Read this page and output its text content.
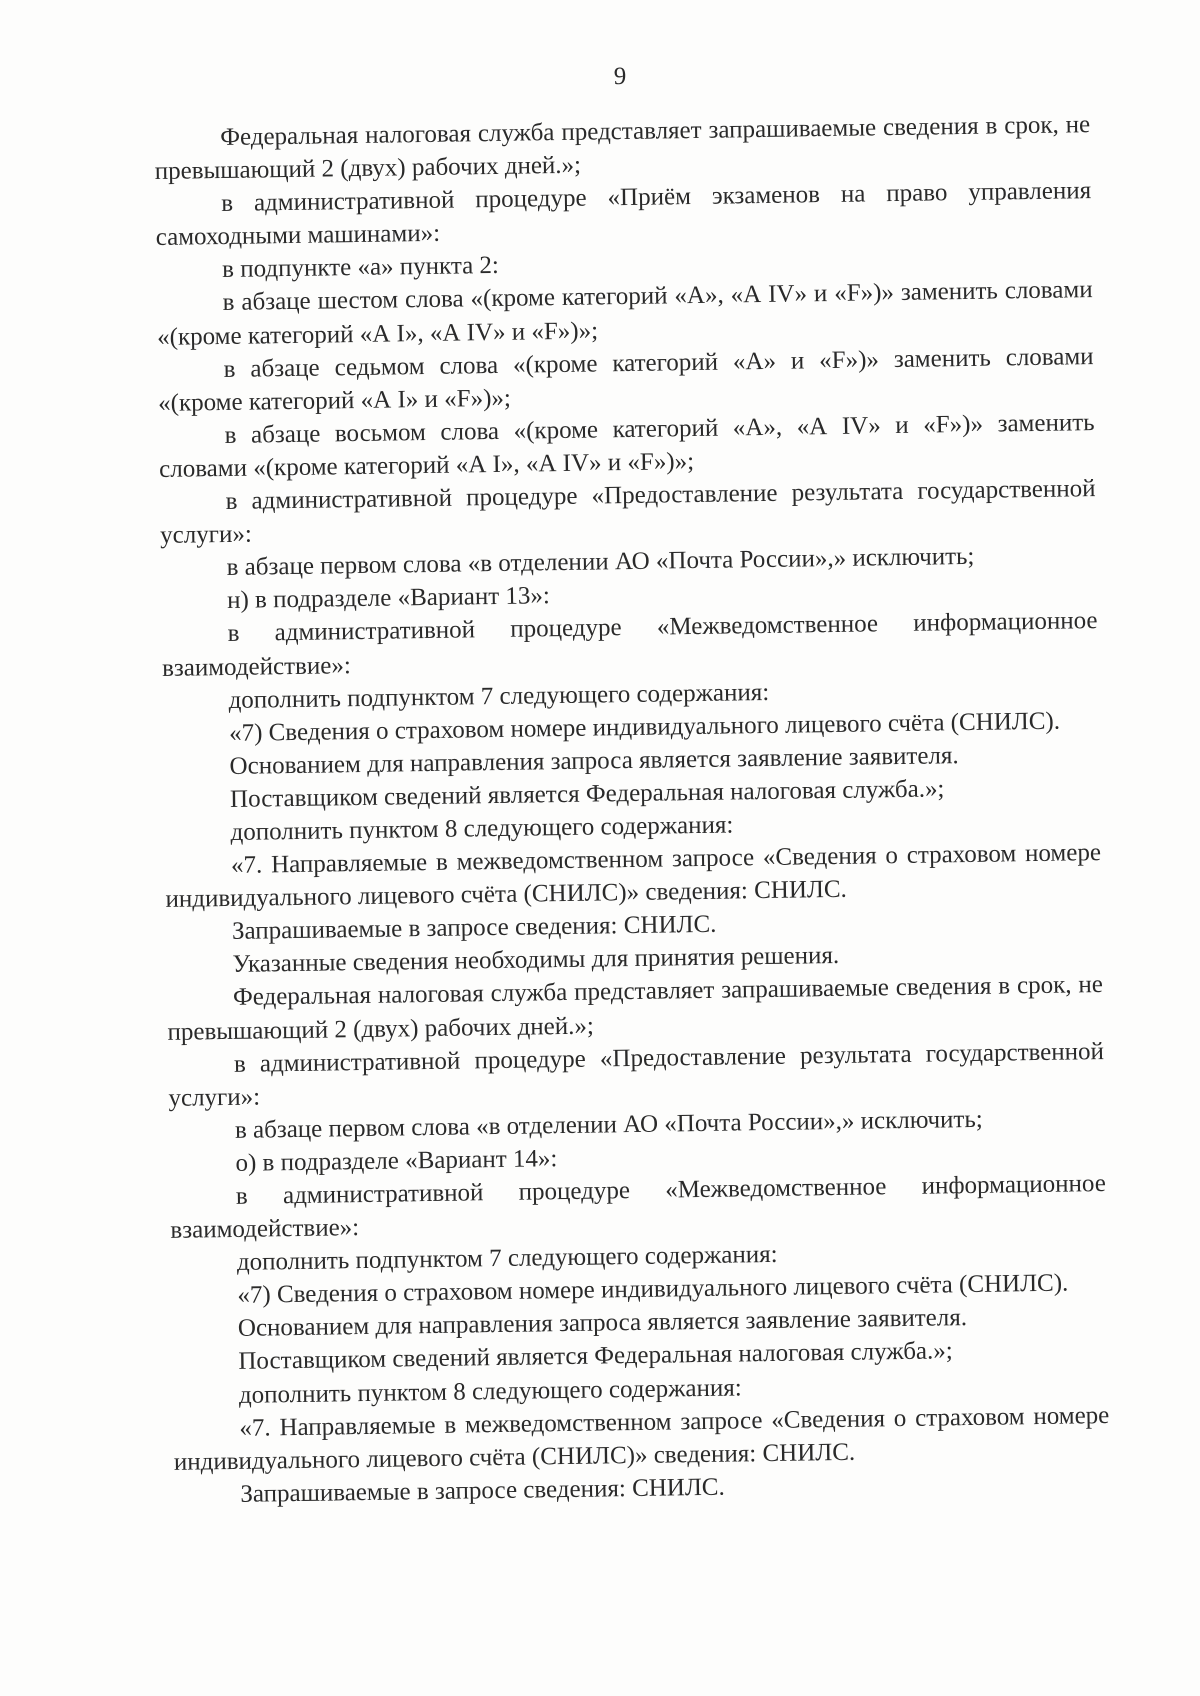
9

Федеральная налоговая служба представляет запрашиваемые сведения в срок, не превышающий 2 (двух) рабочих дней.»;

в административной процедуре «Приём экзаменов на право управления самоходными машинами»:

в подпункте «а» пункта 2:

в абзаце шестом слова «(кроме категорий «А», «А IV» и «F»)» заменить словами «(кроме категорий «А I», «А IV» и «F»)»;

в абзаце седьмом слова «(кроме категорий «А» и «F»)» заменить словами «(кроме категорий «А I» и «F»)»;

в абзаце восьмом слова «(кроме категорий «А», «А IV» и «F»)» заменить словами «(кроме категорий «А I», «А IV» и «F»)»;

в административной процедуре «Предоставление результата государственной услуги»:

в абзаце первом слова «в отделении АО «Почта России»,» исключить;

н) в подразделе «Вариант 13»:

в административной процедуре «Межведомственное информационное взаимодействие»:

дополнить подпунктом 7 следующего содержания:

«7) Сведения о страховом номере индивидуального лицевого счёта (СНИЛС).

Основанием для направления запроса является заявление заявителя.

Поставщиком сведений является Федеральная налоговая служба.»;

дополнить пунктом 8 следующего содержания:

«7. Направляемые в межведомственном запросе «Сведения о страховом номере индивидуального лицевого счёта (СНИЛС)» сведения: СНИЛС.

Запрашиваемые в запросе сведения: СНИЛС.

Указанные сведения необходимы для принятия решения.

Федеральная налоговая служба представляет запрашиваемые сведения в срок, не превышающий 2 (двух) рабочих дней.»;

в административной процедуре «Предоставление результата государственной услуги»:

в абзаце первом слова «в отделении АО «Почта России»,» исключить;

о) в подразделе «Вариант 14»:

в административной процедуре «Межведомственное информационное взаимодействие»:

дополнить подпунктом 7 следующего содержания:

«7) Сведения о страховом номере индивидуального лицевого счёта (СНИЛС).

Основанием для направления запроса является заявление заявителя.

Поставщиком сведений является Федеральная налоговая служба.»;

дополнить пунктом 8 следующего содержания:

«7. Направляемые в межведомственном запросе «Сведения о страховом номере индивидуального лицевого счёта (СНИЛС)» сведения: СНИЛС.

Запрашиваемые в запросе сведения: СНИЛС.
